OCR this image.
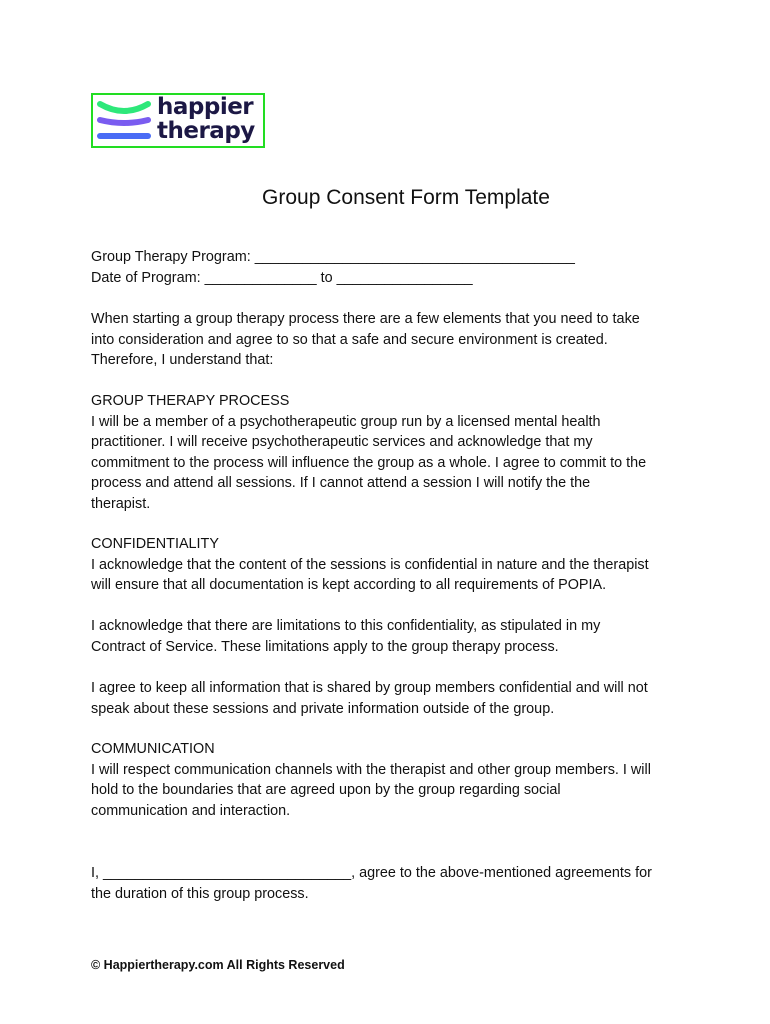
happier
therapy
Group Consent Form Template
Group Therapy Program: ________________________________________
Date of Program: ______________ to _________________
When starting a group therapy process there are a few elements that you need to take
into consideration and agree to so that a safe and secure environment is created.
Therefore, I understand that:
GROUP THERAPY PROCESS
I will be a member of a psychotherapeutic group run by a licensed mental health
practitioner. I will receive psychotherapeutic services and acknowledge that my
commitment to the process will influence the group as a whole. I agree to commit to the
process and attend all sessions. If I cannot attend a session I will notify the the
therapist.
CONFIDENTIALITY
I acknowledge that the content of the sessions is confidential in nature and the therapist
will ensure that all documentation is kept according to all requirements of POPIA.
I acknowledge that there are limitations to this confidentiality, as stipulated in my
Contract of Service. These limitations apply to the group therapy process.
I agree to keep all information that is shared by group members confidential and will not
speak about these sessions and private information outside of the group.
COMMUNICATION
I will respect communication channels with the therapist and other group members. I will
hold to the boundaries that are agreed upon by the group regarding social
communication and interaction.
I, _______________________________, agree to the above-mentioned agreements for
the duration of this group process.
© Happiertherapy.com All Rights Reserved
